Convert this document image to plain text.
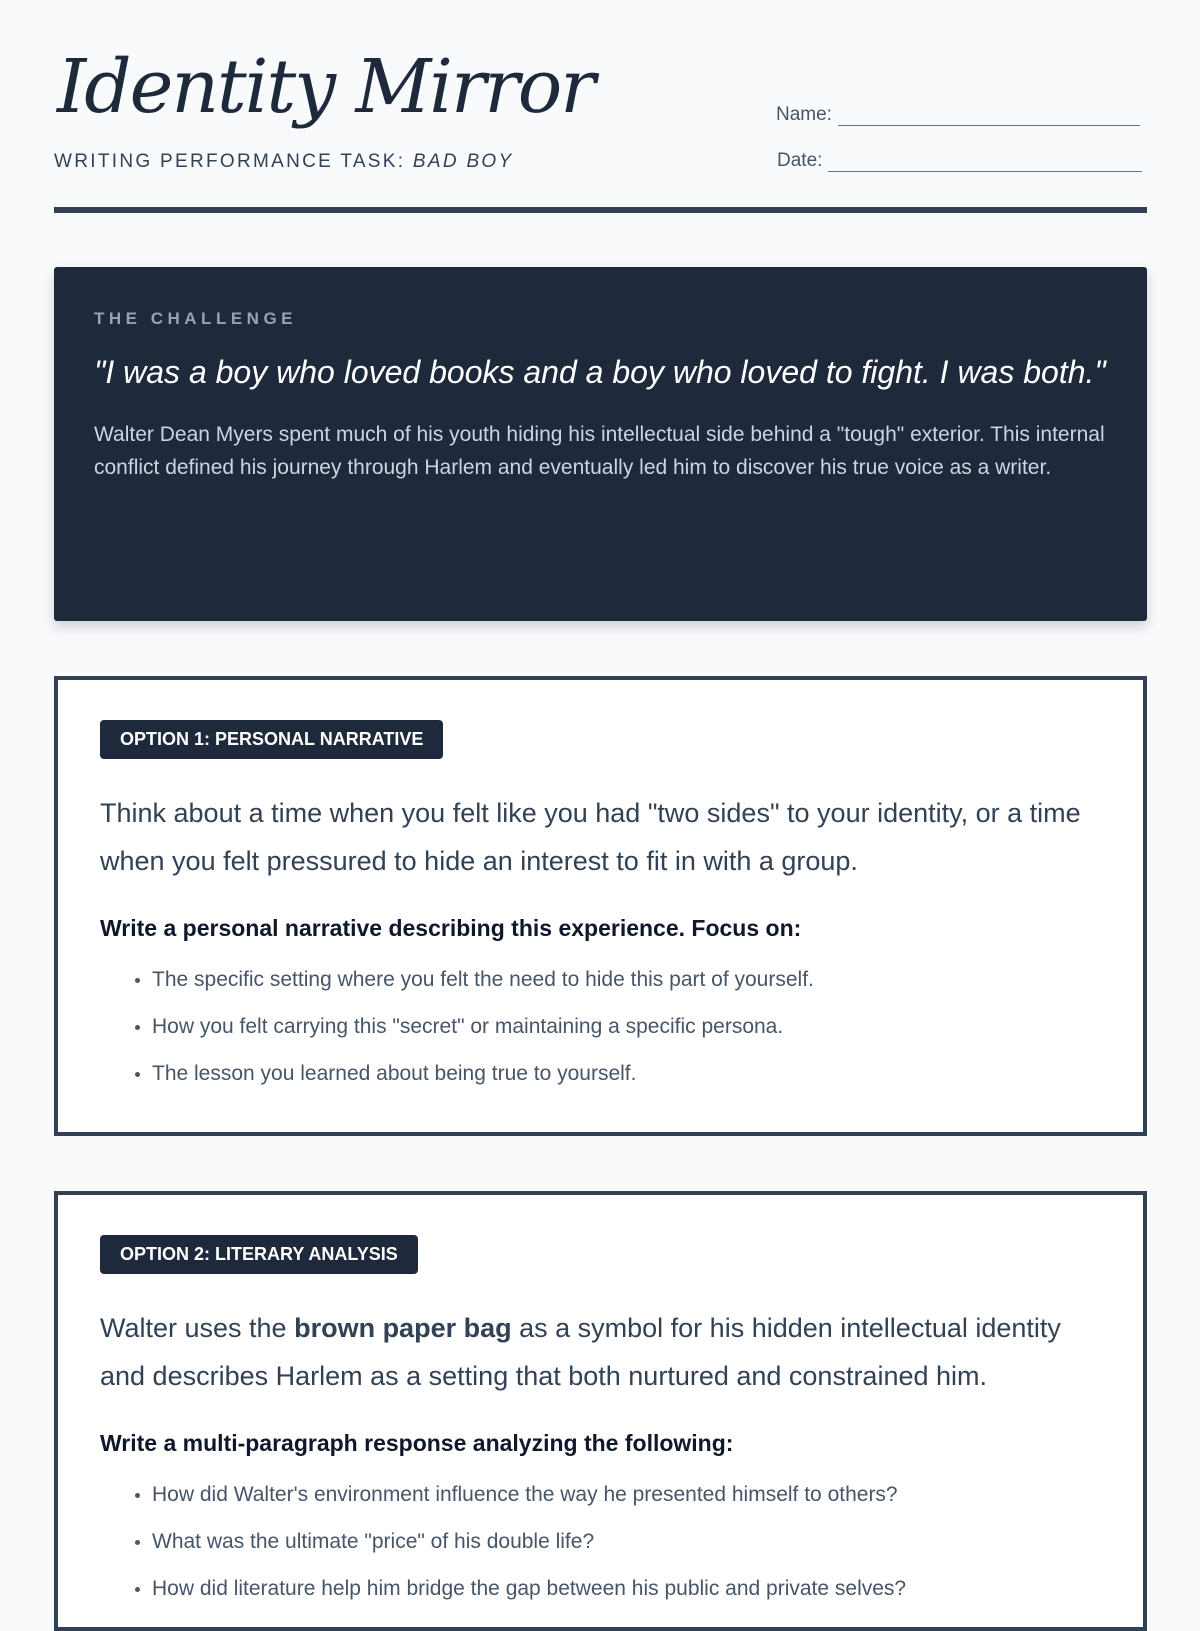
Identity Mirror
WRITING PERFORMANCE TASK: BAD BOY
Name:
Date:

THE CHALLENGE

"I was a boy who loved books and a boy who loved to fight. I was both."

Walter Dean Myers spent much of his youth hiding his intellectual side behind a "tough" exterior. This internal conflict defined his journey through Harlem and eventually led him to discover his true voice as a writer.

OPTION 1: PERSONAL NARRATIVE

Think about a time when you felt like you had "two sides" to your identity, or a time when you felt pressured to hide an interest to fit in with a group.

Write a personal narrative describing this experience. Focus on:

• The specific setting where you felt the need to hide this part of yourself.
• How you felt carrying this "secret" or maintaining a specific persona.
• The lesson you learned about being true to yourself.
OPTION 2: LITERARY ANALYSIS

Walter uses the brown paper bag as a symbol for his hidden intellectual identity and describes Harlem as a setting that both nurtured and constrained him.

Write a multi-paragraph response analyzing the following:

• How did Walter's environment influence the way he presented himself to others?
• What was the ultimate "price" of his double life?
• How did literature help him bridge the gap between his public and private selves?
